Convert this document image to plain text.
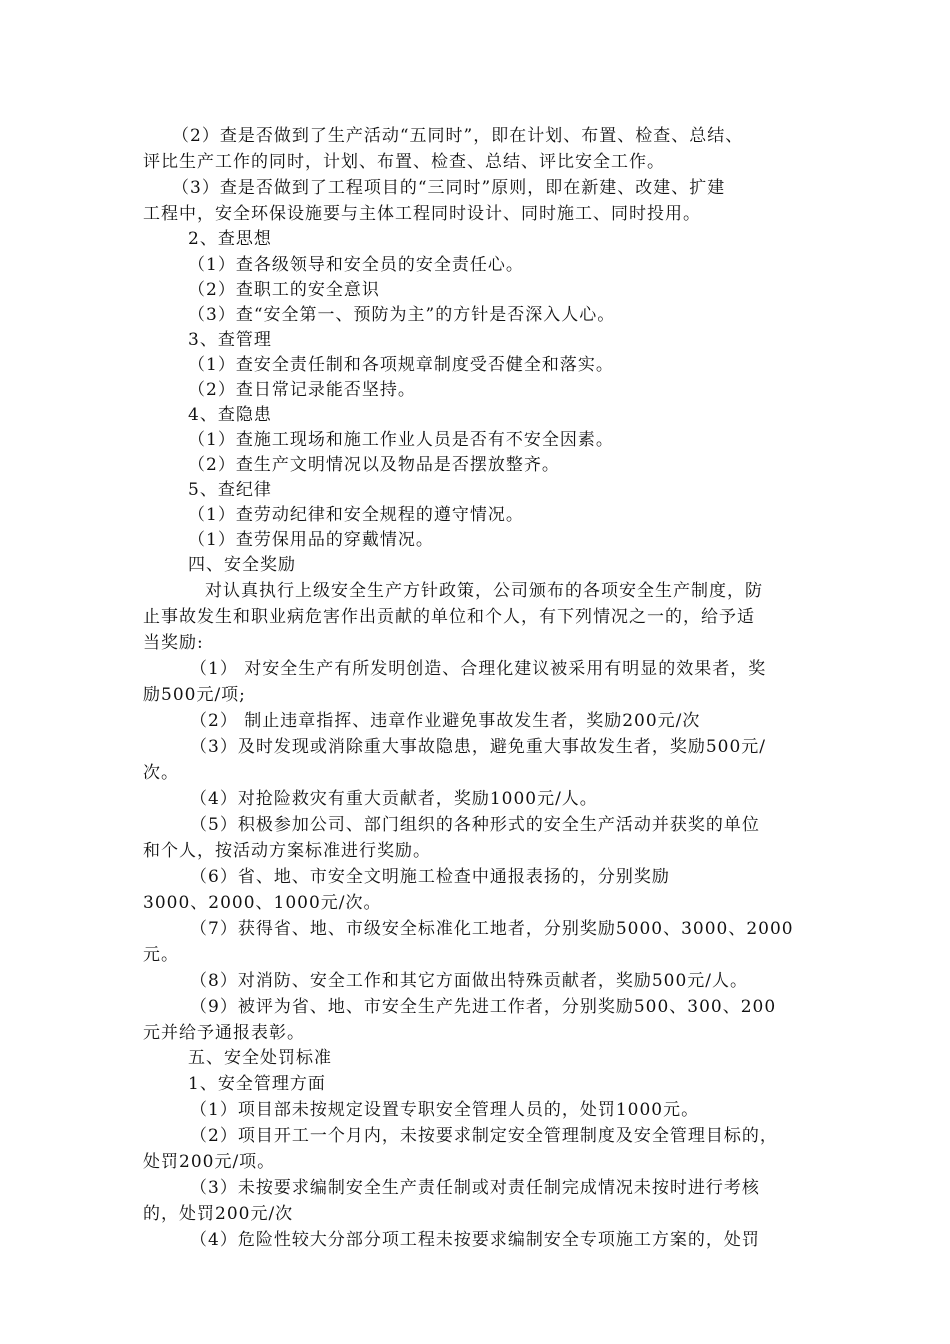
（2）查是否做到了生产活动“五同时”，即在计划、布置、检查、总结、
评比生产工作的同时，计划、布置、检查、总结、评比安全工作。
（3）查是否做到了工程项目的“三同时”原则，即在新建、改建、扩建
工程中，安全环保设施要与主体工程同时设计、同时施工、同时投用。
2、查思想
（1）查各级领导和安全员的安全责任心。
（2）查职工的安全意识
（3）查“安全第一、预防为主”的方针是否深入人心。
3、查管理
（1）查安全责任制和各项规章制度受否健全和落实。
（2）查日常记录能否坚持。
4、查隐患
（1）查施工现场和施工作业人员是否有不安全因素。
（2）查生产文明情况以及物品是否摆放整齐。
5、查纪律
（1）查劳动纪律和安全规程的遵守情况。
（1）查劳保用品的穿戴情况。
四、安全奖励
对认真执行上级安全生产方针政策，公司颁布的各项安全生产制度，防
止事故发生和职业病危害作出贡献的单位和个人，有下列情况之一的，给予适
当奖励:
（1） 对安全生产有所发明创造、合理化建议被采用有明显的效果者，奖
励500元/项;
（2） 制止违章指挥、违章作业避免事故发生者，奖励200元/次
（3）及时发现或消除重大事故隐患，避免重大事故发生者，奖励500元/
次。
（4）对抢险救灾有重大贡献者，奖励1000元/人。
（5）积极参加公司、部门组织的各种形式的安全生产活动并获奖的单位
和个人，按活动方案标准进行奖励。
（6）省、地、市安全文明施工检查中通报表扬的，分别奖励
3000、2000、1000元/次。
（7）获得省、地、市级安全标准化工地者，分别奖励5000、3000、2000
元。
（8）对消防、安全工作和其它方面做出特殊贡献者，奖励500元/人。
（9）被评为省、地、市安全生产先进工作者，分别奖励500、300、200
元并给予通报表彰。
五、安全处罚标准
1、安全管理方面
（1）项目部未按规定设置专职安全管理人员的，处罚1000元。
（2）项目开工一个月内，未按要求制定安全管理制度及安全管理目标的，
处罚200元/项。
（3）未按要求编制安全生产责任制或对责任制完成情况未按时进行考核
的，处罚200元/次
（4）危险性较大分部分项工程未按要求编制安全专项施工方案的，处罚
